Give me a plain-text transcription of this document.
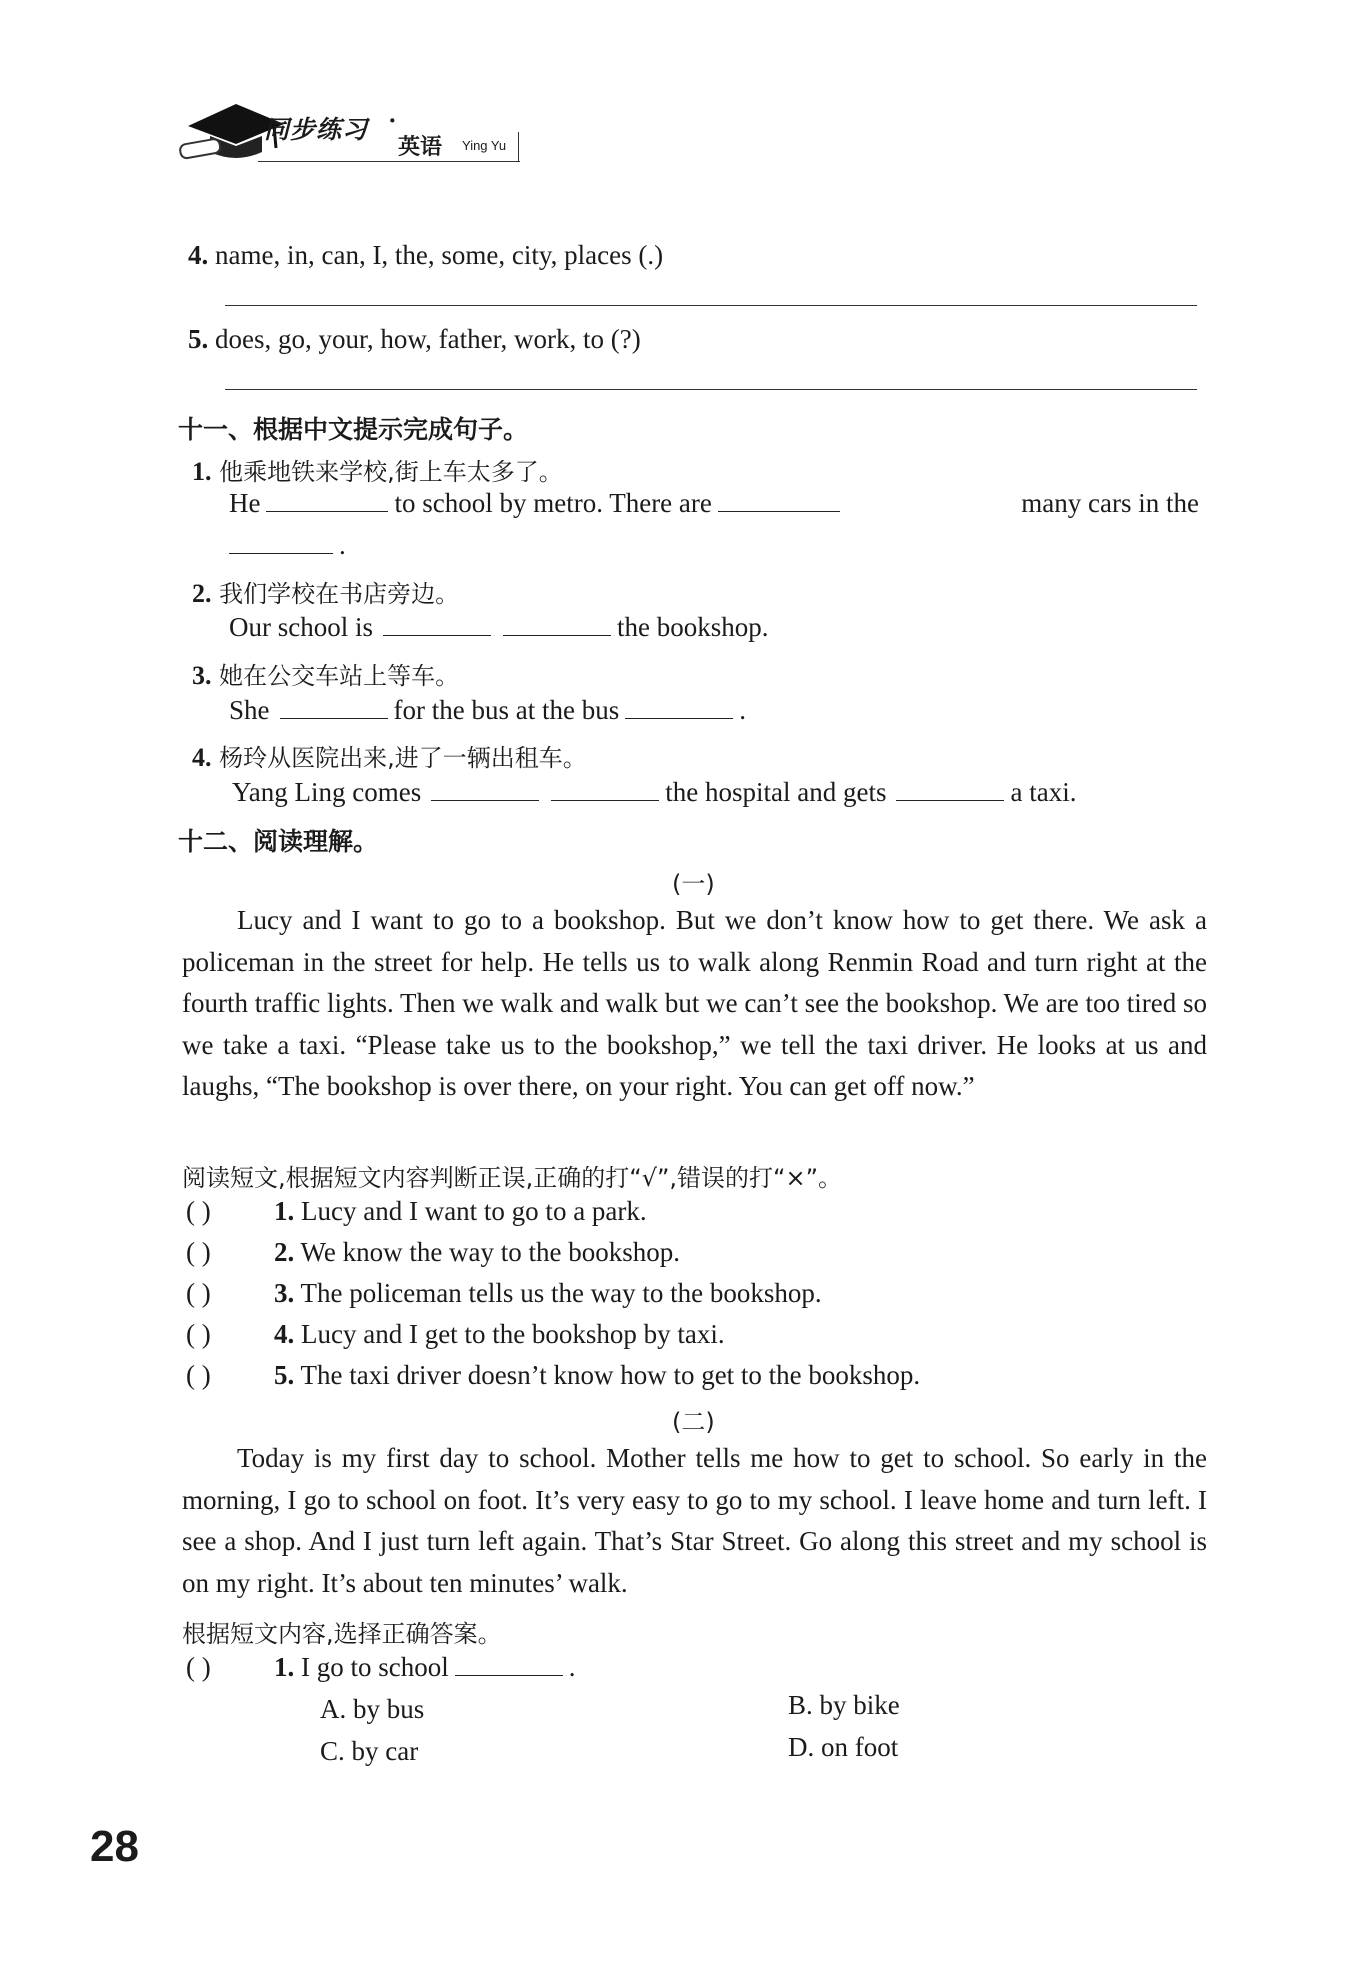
同步练习 ·
英语 Ying Yu
4. name, in, can, I, the, some, city, places (.)
5. does, go, your, how, father, work, to (?)
十一、根据中文提示完成句子。
1. 他乘地铁来学校,街上车太多了。
He	to school by metro. There are	many cars in the
.
2. 我们学校在书店旁边。
Our school is	the bookshop.
3. 她在公交车站上等车。
She	for the bus at the bus	.
4. 杨玲从医院出来,进了一辆出租车。
Yang Ling comes	the hospital and gets	a taxi.
十二、阅读理解。
(一)
Lucy and I want to go to a bookshop. But we don’t know how to get there. We ask a policeman in the street for help. He tells us to walk along Renmin Road and turn right at the fourth traffic lights. Then we walk and walk but we can’t see the bookshop. We are too tired so we take a taxi. “Please take us to the bookshop,” we tell the taxi driver. He looks at us and laughs, “The bookshop is over there, on your right. You can get off now.”
阅读短文,根据短文内容判断正误,正确的打“√”,错误的打“×”。
( ) 1. Lucy and I want to go to a park.
( ) 2. We know the way to the bookshop.
( ) 3. The policeman tells us the way to the bookshop.
( ) 4. Lucy and I get to the bookshop by taxi.
( ) 5. The taxi driver doesn’t know how to get to the bookshop.
(二)
Today is my first day to school. Mother tells me how to get to school. So early in the morning, I go to school on foot. It’s very easy to go to my school. I leave home and turn left. I see a shop. And I just turn left again. That’s Star Street. Go along this street and my school is on my right. It’s about ten minutes’ walk.
根据短文内容,选择正确答案。
( ) 1. I go to school	.
A. by bus	B. by bike
C. by car	D. on foot
28
